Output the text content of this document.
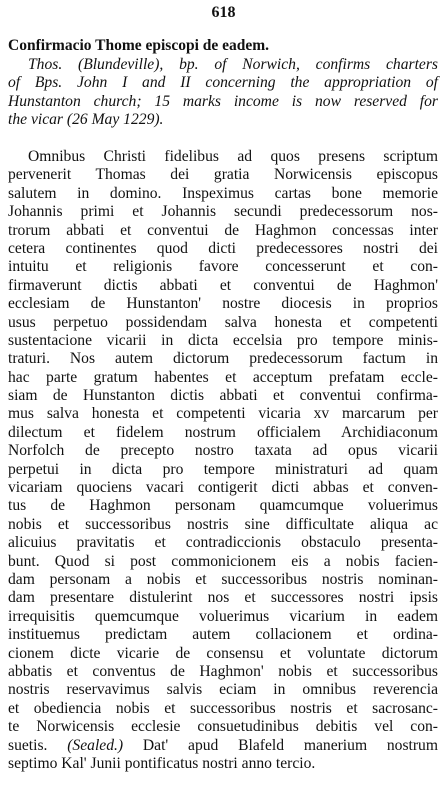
618
Confirmacio Thome episcopi de eadem.
Thos. (Blundeville), bp. of Norwich, confirms charters
of Bps. John I and II concerning the appropriation of
Hunstanton church; 15 marks income is now reserved for
the vicar (26 May 1229).
Omnibus Christi fidelibus ad quos presens scriptum
pervenerit Thomas dei gratia Norwicensis episcopus
salutem in domino. Inspeximus cartas bone memorie
Johannis primi et Johannis secundi predecessorum nos-
trorum abbati et conventui de Haghmon concessas inter
cetera continentes quod dicti predecessores nostri dei
intuitu et religionis favore concesserunt et con-
firmaverunt dictis abbati et conventui de Haghmon'
ecclesiam de Hunstanton' nostre diocesis in proprios
usus perpetuo possidendam salva honesta et competenti
sustentacione vicarii in dicta eccelsia pro tempore minis-
traturi. Nos autem dictorum predecessorum factum in
hac parte gratum habentes et acceptum prefatam eccle-
siam de Hunstanton dictis abbati et conventui confirma-
mus salva honesta et competenti vicaria xv marcarum per
dilectum et fidelem nostrum officialem Archidiaconum
Norfolch de precepto nostro taxata ad opus vicarii
perpetui in dicta pro tempore ministraturi ad quam
vicariam quociens vacari contigerit dicti abbas et conven-
tus de Haghmon personam quamcumque voluerimus
nobis et successoribus nostris sine difficultate aliqua ac
alicuius pravitatis et contradiccionis obstaculo presenta-
bunt. Quod si post commonicionem eis a nobis facien-
dam personam a nobis et successoribus nostris nominan-
dam presentare distulerint nos et successores nostri ipsis
irrequisitis quemcumque voluerimus vicarium in eadem
instituemus predictam autem collacionem et ordina-
cionem dicte vicarie de consensu et voluntate dictorum
abbatis et conventus de Haghmon' nobis et successoribus
nostris reservavimus salvis eciam in omnibus reverencia
et obediencia nobis et successoribus nostris et sacrosanc-
te Norwicensis ecclesie consuetudinibus debitis vel con-
suetis. (Sealed.) Dat' apud Blafeld manerium nostrum
septimo Kal' Junii pontificatus nostri anno tercio.
